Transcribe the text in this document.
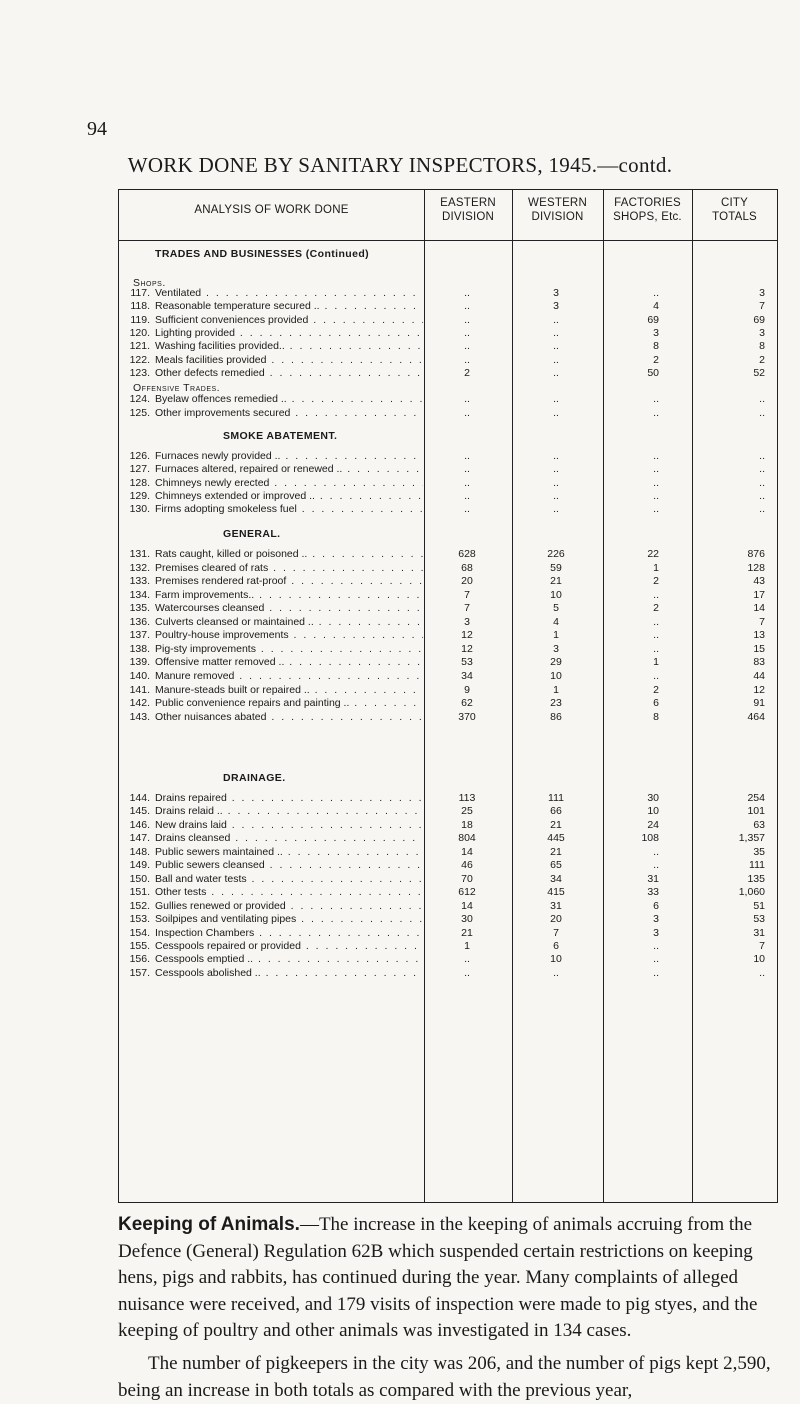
94
WORK DONE BY SANITARY INSPECTORS, 1945.—contd.
ANALYSIS OF WORK DONE
EASTERN
DIVISION
WESTERN
DIVISION
FACTORIES
SHOPS, Etc.
CITY
TOTALS
TRADES AND BUSINESSES (Continued)
Shops.
Offensive Trades.
SMOKE ABATEMENT.
GENERAL.
DRAINAGE.
117. Ventilated . . .	..	3	..	3
118. Reasonable temperature secured .. . . .	..	3	4	7
119. Sufficient conveniences provided . . .	..	..	69	69
120. Lighting provided . . .	..	..	3	3
121. Washing facilities provided.. . . .	..	..	8	8
122. Meals facilities provided . . .	..	..	2	2
123. Other defects remedied . . .	2	..	50	52
124. Byelaw offences remedied .. . . .	..	..	..	..
125. Other improvements secured . . .	..	..	..	..
126. Furnaces newly provided .. . . .	..	..	..	..
127. Furnaces altered, repaired or renewed .. . . .	..	..	..	..
128. Chimneys newly erected . . .	..	..	..	..
129. Chimneys extended or improved .. . . .	..	..	..	..
130. Firms adopting smokeless fuel . . .	..	..	..	..
131. Rats caught, killed or poisoned .. . . .	628	226	22	876
132. Premises cleared of rats . . .	68	59	1	128
133. Premises rendered rat-proof . . .	20	21	2	43
134. Farm improvements.. . . .	7	10	..	17
135. Watercourses cleansed . . .	7	5	2	14
136. Culverts cleansed or maintained .. . . .	3	4	..	7
137. Poultry-house improvements . . .	12	1	..	13
138. Pig-sty improvements . . .	12	3	..	15
139. Offensive matter removed .. . . .	53	29	1	83
140. Manure removed . . .	34	10	..	44
141. Manure-steads built or repaired .. . . .	9	1	2	12
142. Public convenience repairs and painting .. . . .	62	23	6	91
143. Other nuisances abated . . .	370	86	8	464
144. Drains repaired . . .	113	111	30	254
145. Drains relaid .. . . .	25	66	10	101
146. New drains laid . . .	18	21	24	63
147. Drains cleansed . . .	804	445	108	1,357
148. Public sewers maintained .. . . .	14	21	..	35
149. Public sewers cleansed . . .	46	65	..	111
150. Ball and water tests . . .	70	34	31	135
151. Other tests . . .	612	415	33	1,060
152. Gullies renewed or provided . . .	14	31	6	51
153. Soilpipes and ventilating pipes . . .	30	20	3	53
154. Inspection Chambers . . .	21	7	3	31
155. Cesspools repaired or provided . . .	1	6	..	7
156. Cesspools emptied .. . . .	..	10	..	10
157. Cesspools abolished .. . . .	..	..	..	..
Keeping of Animals.—The increase in the keeping of animals accruing from the Defence (General) Regulation 62B which suspended certain restrictions on keeping hens, pigs and rabbits, has continued during the year. Many complaints of alleged nuisance were received, and 179 visits of inspection were made to pig styes, and the keeping of poultry and other animals was investigated in 134 cases.
The number of pigkeepers in the city was 206, and the number of pigs kept 2,590, being an increase in both totals as compared with the previous year,
